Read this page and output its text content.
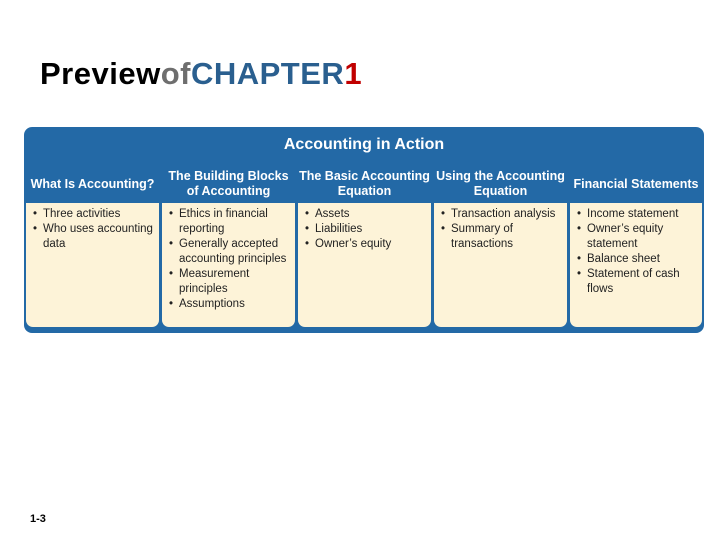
PreviewofCHAPTER1
Accounting in Action
What Is Accounting?
• Three activities
• Who uses accounting data
The Building Blocks of Accounting
• Ethics in financial reporting
• Generally accepted accounting principles
• Measurement principles
• Assumptions
The Basic Accounting Equation
• Assets
• Liabilities
• Owner’s equity
Using the Accounting Equation
• Transaction analysis
• Summary of transactions
Financial Statements
• Income statement
• Owner’s equity statement
• Balance sheet
• Statement of cash flows
1-3
